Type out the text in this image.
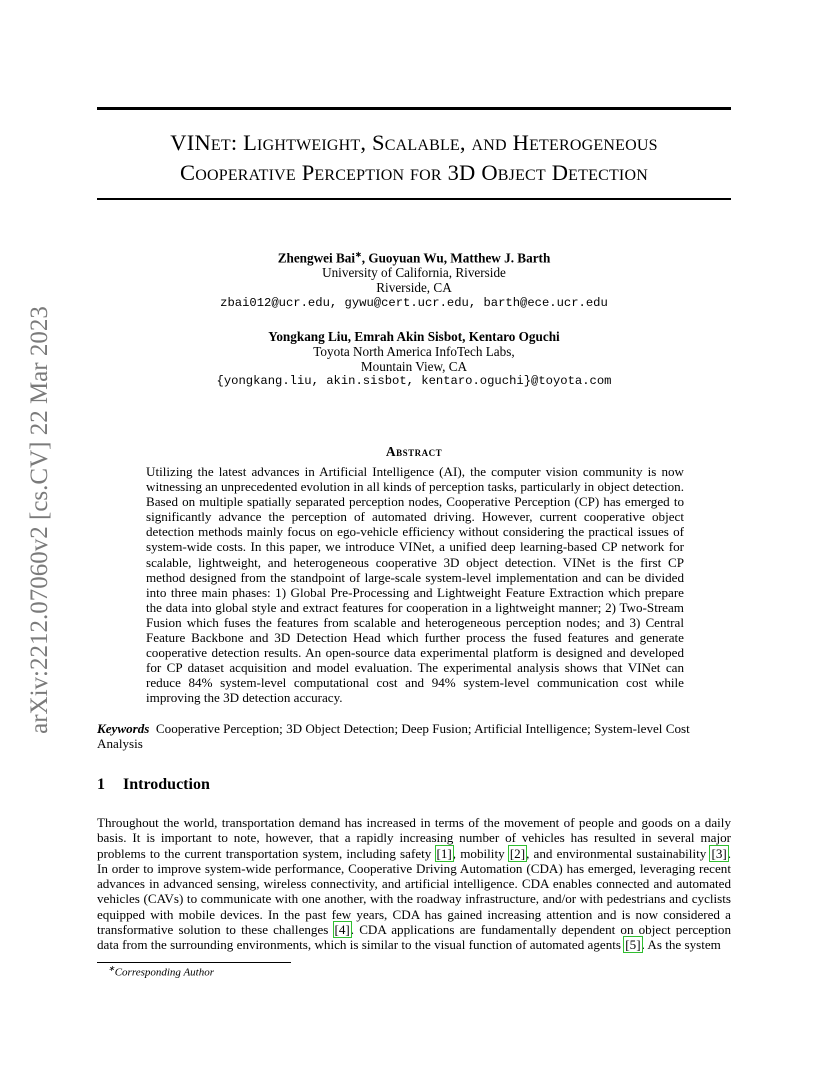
arXiv:2212.07060v2 [cs.CV] 22 Mar 2023
VINet: Lightweight, Scalable, and Heterogeneous
Cooperative Perception for 3D Object Detection
Zhengwei Bai∗, Guoyuan Wu, Matthew J. Barth
University of California, Riverside
Riverside, CA
zbai012@ucr.edu, gywu@cert.ucr.edu, barth@ece.ucr.edu
Yongkang Liu, Emrah Akin Sisbot, Kentaro Oguchi
Toyota North America InfoTech Labs,
Mountain View, CA
{yongkang.liu, akin.sisbot, kentaro.oguchi}@toyota.com
Abstract
Utilizing the latest advances in Artificial Intelligence (AI), the computer vision community is now witnessing an unprecedented evolution in all kinds of perception tasks, particularly in object detection. Based on multiple spatially separated perception nodes, Cooperative Perception (CP) has emerged to significantly advance the perception of automated driving. However, current cooperative object detection methods mainly focus on ego-vehicle efficiency without considering the practical issues of system-wide costs. In this paper, we introduce VINet, a unified deep learning-based CP network for scalable, lightweight, and heterogeneous cooperative 3D object detection. VINet is the first CP method designed from the standpoint of large-scale system-level implementation and can be divided into three main phases: 1) Global Pre-Processing and Lightweight Feature Extraction which prepare the data into global style and extract features for cooperation in a lightweight manner; 2) Two-Stream Fusion which fuses the features from scalable and heterogeneous perception nodes; and 3) Central Feature Backbone and 3D Detection Head which further process the fused features and generate cooperative detection results. An open-source data experimental platform is designed and developed for CP dataset acquisition and model evaluation. The experimental analysis shows that VINet can reduce 84% system-level computational cost and 94% system-level communication cost while improving the 3D detection accuracy.
Keywords Cooperative Perception; 3D Object Detection; Deep Fusion; Artificial Intelligence; System-level Cost Analysis
1 Introduction
Throughout the world, transportation demand has increased in terms of the movement of people and goods on a daily basis. It is important to note, however, that a rapidly increasing number of vehicles has resulted in several major problems to the current transportation system, including safety [1], mobility [2], and environmental sustainability [3]. In order to improve system-wide performance, Cooperative Driving Automation (CDA) has emerged, leveraging recent advances in advanced sensing, wireless connectivity, and artificial intelligence. CDA enables connected and automated vehicles (CAVs) to communicate with one another, with the roadway infrastructure, and/or with pedestrians and cyclists equipped with mobile devices. In the past few years, CDA has gained increasing attention and is now considered a transformative solution to these challenges [4]. CDA applications are fundamentally dependent on object perception data from the surrounding environments, which is similar to the visual function of automated agents [5]. As the system
∗Corresponding Author
